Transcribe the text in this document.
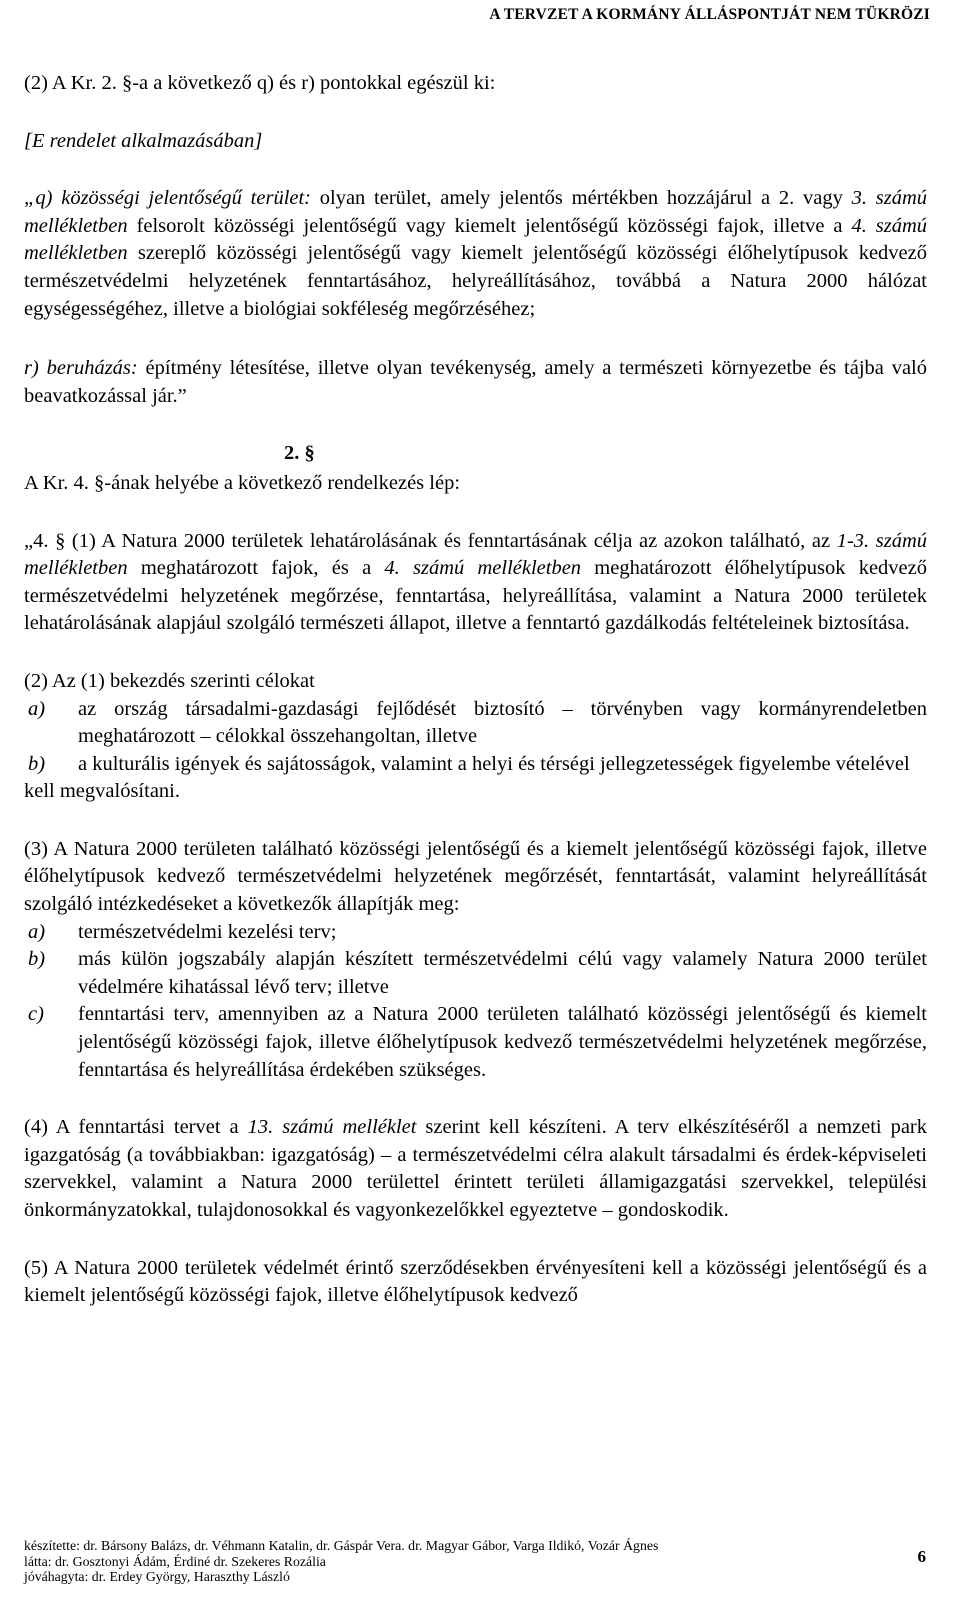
A TERVZET A KORMÁNY ÁLLÁSPONTJÁT NEM TÜKRÖZI

(2) A Kr. 2. §-a a következő q) és r) pontokkal egészül ki:

[E rendelet alkalmazásában]

„q) közösségi jelentőségű terület: olyan terület, amely jelentős mértékben hozzájárul a 2. vagy 3. számú mellékletben felsorolt közösségi jelentőségű vagy kiemelt jelentőségű közösségi fajok, illetve a 4. számú mellékletben szereplő közösségi jelentőségű vagy kiemelt jelentőségű közösségi élőhelytípusok kedvező természetvédelmi helyzetének fenntartásához, helyreállításához, továbbá a Natura 2000 hálózat egységességéhez, illetve a biológiai sokféleség megőrzéséhez;

r) beruházás: építmény létesítése, illetve olyan tevékenység, amely a természeti környezetbe és tájba való beavatkozással jár.”

2. §

A Kr. 4. §-ának helyébe a következő rendelkezés lép:

„4. § (1) A Natura 2000 területek lehatárolásának és fenntartásának célja az azokon található, az 1-3. számú mellékletben meghatározott fajok, és a 4. számú mellékletben meghatározott élőhelytípusok kedvező természetvédelmi helyzetének megőrzése, fenntartása, helyreállítása, valamint a Natura 2000 területek lehatárolásának alapjául szolgáló természeti állapot, illetve a fenntartó gazdálkodás feltételeinek biztosítása.

(2) Az (1) bekezdés szerinti célokat

a)	az ország társadalmi-gazdasági fejlődését biztosító – törvényben vagy kormányrendeletben meghatározott – célokkal összehangoltan, illetve
b)	a kulturális igények és sajátosságok, valamint a helyi és térségi jellegzetességek figyelembe vételével

kell megvalósítani.

(3) A Natura 2000 területen található közösségi jelentőségű és a kiemelt jelentőségű közösségi fajok, illetve élőhelytípusok kedvező természetvédelmi helyzetének megőrzését, fenntartását, valamint helyreállítását szolgáló intézkedéseket a következők állapítják meg:

a)	természetvédelmi kezelési terv;
b)	más külön jogszabály alapján készített természetvédelmi célú vagy valamely Natura 2000 terület védelmére kihatással lévő terv; illetve
c)	fenntartási terv, amennyiben az a Natura 2000 területen található közösségi jelentőségű és kiemelt jelentőségű közösségi fajok, illetve élőhelytípusok kedvező természetvédelmi helyzetének megőrzése, fenntartása és helyreállítása érdekében szükséges.

(4) A fenntartási tervet a 13. számú melléklet szerint kell készíteni. A terv elkészítéséről a nemzeti park igazgatóság (a továbbiakban: igazgatóság) – a természetvédelmi célra alakult társadalmi és érdek-képviseleti szervekkel, valamint a Natura 2000 területtel érintett területi államigazgatási szervekkel, települési önkormányzatokkal, tulajdonosokkal és vagyonkezelőkkel egyeztetve – gondoskodik.

(5) A Natura 2000 területek védelmét érintő szerződésekben érvényesíteni kell a közösségi jelentőségű és a kiemelt jelentőségű közösségi fajok, illetve élőhelytípusok kedvező

készítette: dr. Bársony Balázs, dr. Véhmann Katalin, dr. Gáspár Vera. dr. Magyar Gábor, Varga Ildikó, Vozár Ágnes
látta: dr. Gosztonyi Ádám, Érdiné dr. Szekeres Rozália
jóváhagyta: dr. Erdey György, Haraszthy László
6
